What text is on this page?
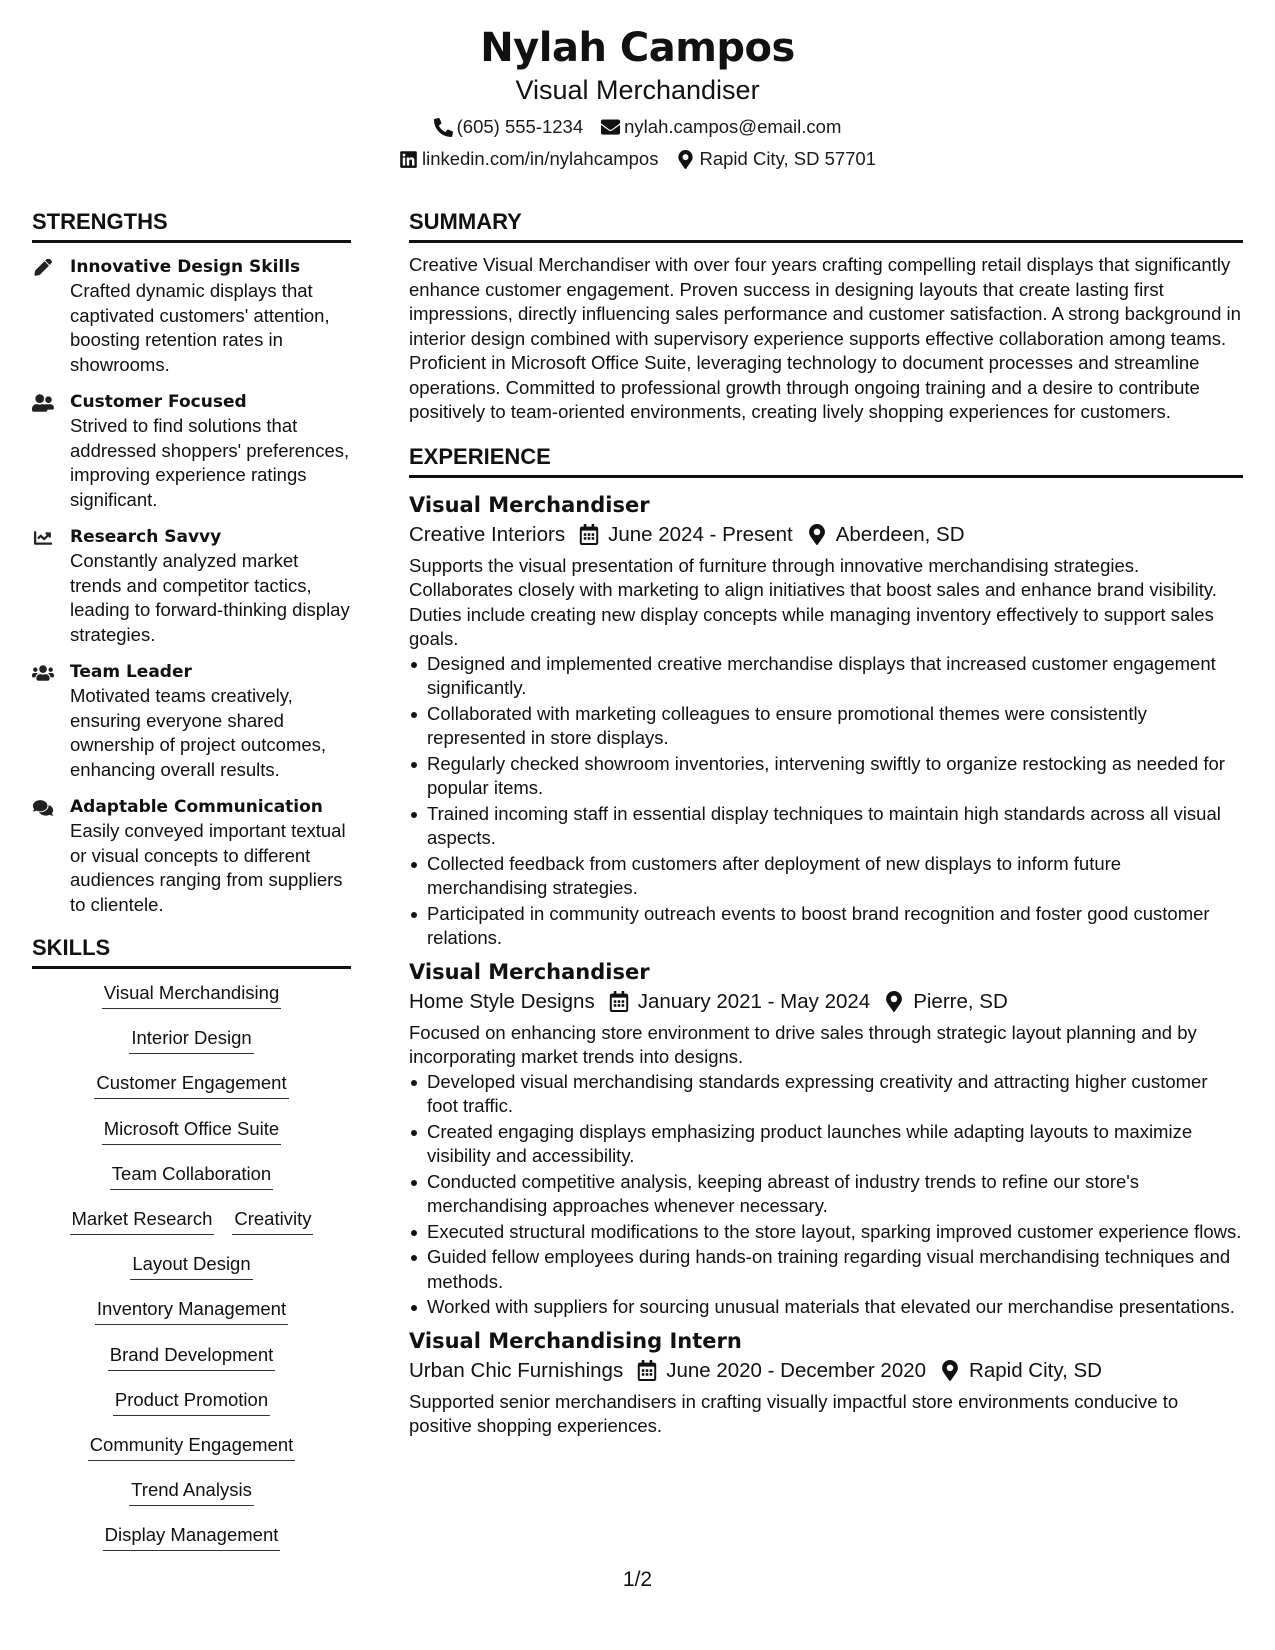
Nylah Campos
Visual Merchandiser
(605) 555-1234 nylah.campos@email.com
linkedin.com/in/nylahcampos Rapid City, SD 57701
STRENGTHS
Innovative Design Skills
Crafted dynamic displays that captivated customers' attention, boosting retention rates in showrooms.
Customer Focused
Strived to find solutions that addressed shoppers' preferences, improving experience ratings significant.
Research Savvy
Constantly analyzed market trends and competitor tactics, leading to forward-thinking display strategies.
Team Leader
Motivated teams creatively, ensuring everyone shared ownership of project outcomes, enhancing overall results.
Adaptable Communication
Easily conveyed important textual or visual concepts to different audiences ranging from suppliers to clientele.
SKILLS
Visual Merchandising
Interior Design
Customer Engagement
Microsoft Office Suite
Team Collaboration
Market Research Creativity
Layout Design
Inventory Management
Brand Development
Product Promotion
Community Engagement
Trend Analysis
Display Management
SUMMARY
Creative Visual Merchandiser with over four years crafting compelling retail displays that significantly enhance customer engagement. Proven success in designing layouts that create lasting first impressions, directly influencing sales performance and customer satisfaction. A strong background in interior design combined with supervisory experience supports effective collaboration among teams. Proficient in Microsoft Office Suite, leveraging technology to document processes and streamline operations. Committed to professional growth through ongoing training and a desire to contribute positively to team-oriented environments, creating lively shopping experiences for customers.
EXPERIENCE
Visual Merchandiser
Creative Interiors June 2024 - Present Aberdeen, SD
Supports the visual presentation of furniture through innovative merchandising strategies. Collaborates closely with marketing to align initiatives that boost sales and enhance brand visibility. Duties include creating new display concepts while managing inventory effectively to support sales goals.
Designed and implemented creative merchandise displays that increased customer engagement significantly.
Collaborated with marketing colleagues to ensure promotional themes were consistently represented in store displays.
Regularly checked showroom inventories, intervening swiftly to organize restocking as needed for popular items.
Trained incoming staff in essential display techniques to maintain high standards across all visual aspects.
Collected feedback from customers after deployment of new displays to inform future merchandising strategies.
Participated in community outreach events to boost brand recognition and foster good customer relations.
Visual Merchandiser
Home Style Designs January 2021 - May 2024 Pierre, SD
Focused on enhancing store environment to drive sales through strategic layout planning and by incorporating market trends into designs.
Developed visual merchandising standards expressing creativity and attracting higher customer foot traffic.
Created engaging displays emphasizing product launches while adapting layouts to maximize visibility and accessibility.
Conducted competitive analysis, keeping abreast of industry trends to refine our store's merchandising approaches whenever necessary.
Executed structural modifications to the store layout, sparking improved customer experience flows.
Guided fellow employees during hands-on training regarding visual merchandising techniques and methods.
Worked with suppliers for sourcing unusual materials that elevated our merchandise presentations.
Visual Merchandising Intern
Urban Chic Furnishings June 2020 - December 2020 Rapid City, SD
Supported senior merchandisers in crafting visually impactful store environments conducive to positive shopping experiences.
1/2
